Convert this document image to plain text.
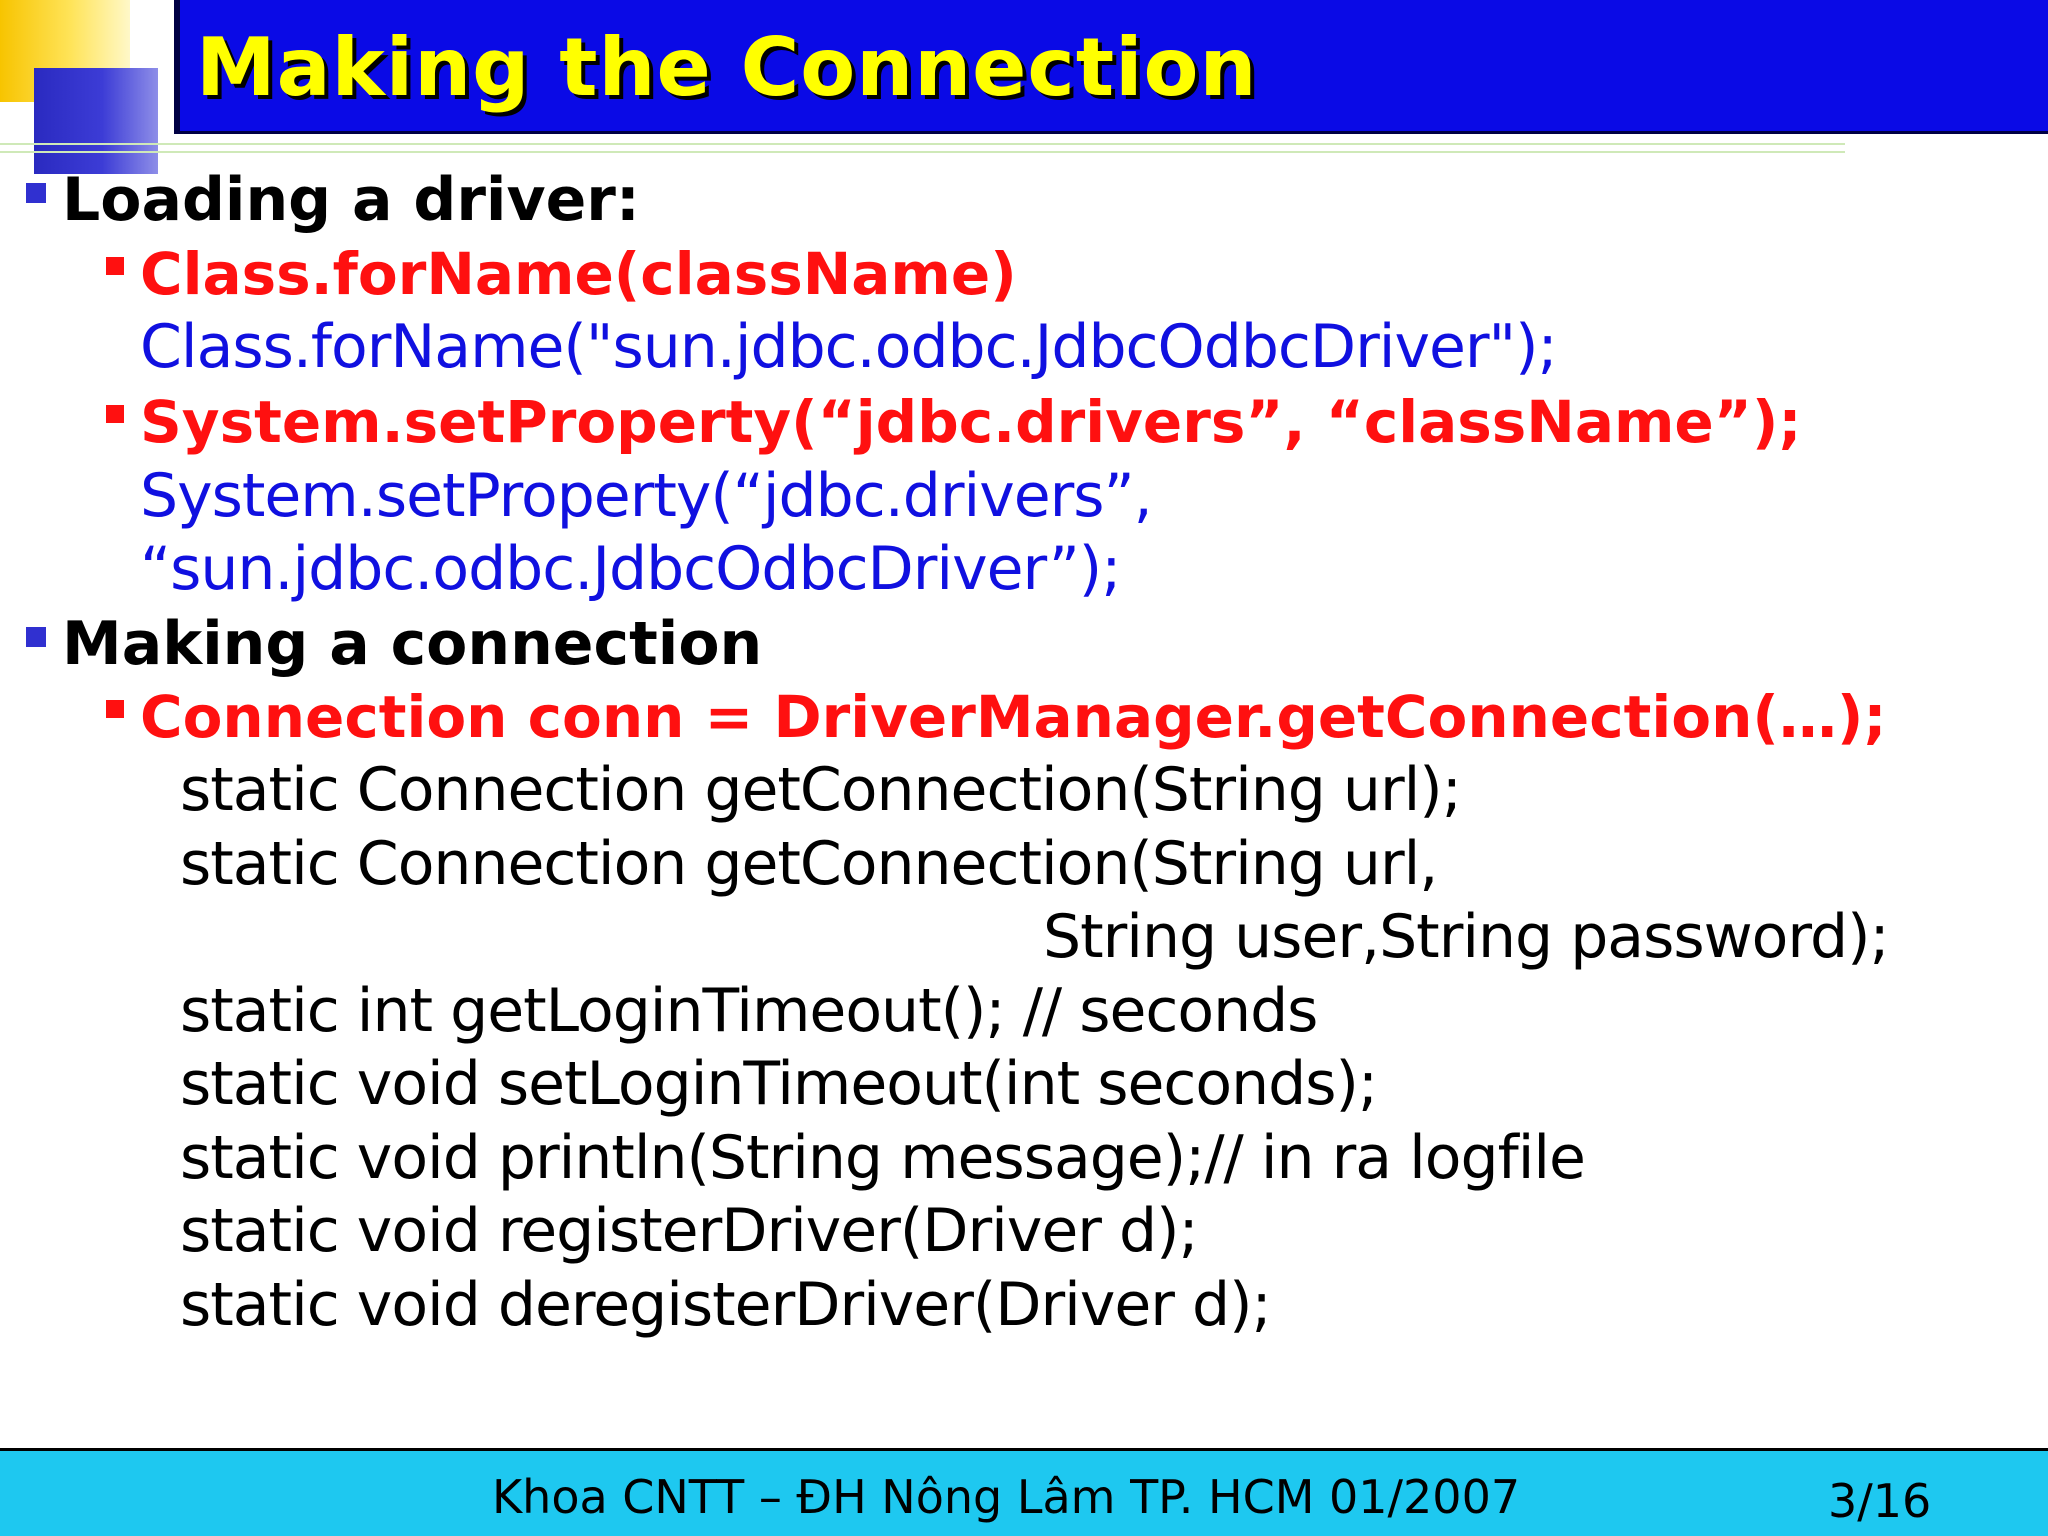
Making the Connection
Loading a driver:
Class.forName(className)
Class.forName("sun.jdbc.odbc.JdbcOdbcDriver");
System.setProperty(“jdbc.drivers”, “className”);
System.setProperty(“jdbc.drivers”,
“sun.jdbc.odbc.JdbcOdbcDriver”);
Making a connection
Connection conn = DriverManager.getConnection(…);
static Connection getConnection(String url);
static Connection getConnection(String url,
String user,String password);
static int getLoginTimeout(); // seconds
static void setLoginTimeout(int seconds);
static void println(String message);// in ra logfile
static void registerDriver(Driver d);
static void deregisterDriver(Driver d);
Khoa CNTT – ĐH Nông Lâm TP. HCM 01/2007	3/16
